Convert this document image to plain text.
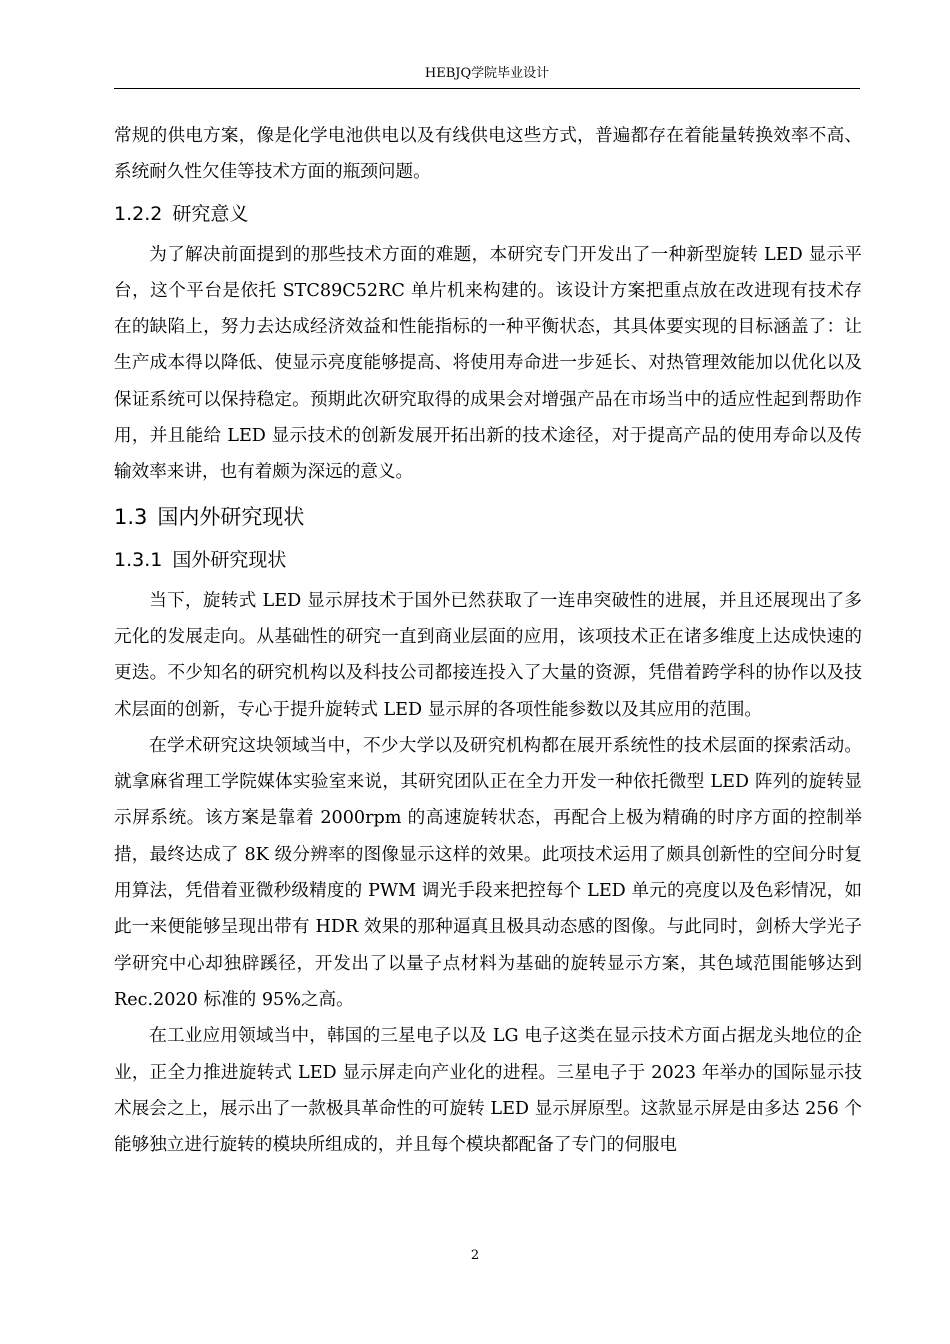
HEBJQ学院毕业设计

常规的供电方案，像是化学电池供电以及有线供电这些方式，普遍都存在着能量转换效率不高、系统耐久性欠佳等技术方面的瓶颈问题。

1.2.2 研究意义

为了解决前面提到的那些技术方面的难题，本研究专门开发出了一种新型旋转 LED 显示平台，这个平台是依托 STC89C52RC 单片机来构建的。该设计方案把重点放在改进现有技术存在的缺陷上，努力去达成经济效益和性能指标的一种平衡状态，其具体要实现的目标涵盖了：让生产成本得以降低、使显示亮度能够提高、将使用寿命进一步延长、对热管理效能加以优化以及保证系统可以保持稳定。预期此次研究取得的成果会对增强产品在市场当中的适应性起到帮助作用，并且能给 LED 显示技术的创新发展开拓出新的技术途径，对于提高产品的使用寿命以及传输效率来讲，也有着颇为深远的意义。

1.3 国内外研究现状
1.3.1 国外研究现状

当下，旋转式 LED 显示屏技术于国外已然获取了一连串突破性的进展，并且还展现出了多元化的发展走向。从基础性的研究一直到商业层面的应用，该项技术正在诸多维度上达成快速的更迭。不少知名的研究机构以及科技公司都接连投入了大量的资源，凭借着跨学科的协作以及技术层面的创新，专心于提升旋转式 LED 显示屏的各项性能参数以及其应用的范围。

在学术研究这块领域当中，不少大学以及研究机构都在展开系统性的技术层面的探索活动。就拿麻省理工学院媒体实验室来说，其研究团队正在全力开发一种依托微型 LED 阵列的旋转显示屏系统。该方案是靠着 2000rpm 的高速旋转状态，再配合上极为精确的时序方面的控制举措，最终达成了 8K 级分辨率的图像显示这样的效果。此项技术运用了颇具创新性的空间分时复用算法，凭借着亚微秒级精度的 PWM 调光手段来把控每个 LED 单元的亮度以及色彩情况，如此一来便能够呈现出带有 HDR 效果的那种逼真且极具动态感的图像。与此同时，剑桥大学光子学研究中心却独辟蹊径，开发出了以量子点材料为基础的旋转显示方案，其色域范围能够达到 Rec.2020 标准的 95%之高。

在工业应用领域当中，韩国的三星电子以及 LG 电子这类在显示技术方面占据龙头地位的企业，正全力推进旋转式 LED 显示屏走向产业化的进程。三星电子于 2023 年举办的国际显示技术展会之上，展示出了一款极具革命性的可旋转 LED 显示屏原型。这款显示屏是由多达 256 个能够独立进行旋转的模块所组成的，并且每个模块都配备了专门的伺服电

2
